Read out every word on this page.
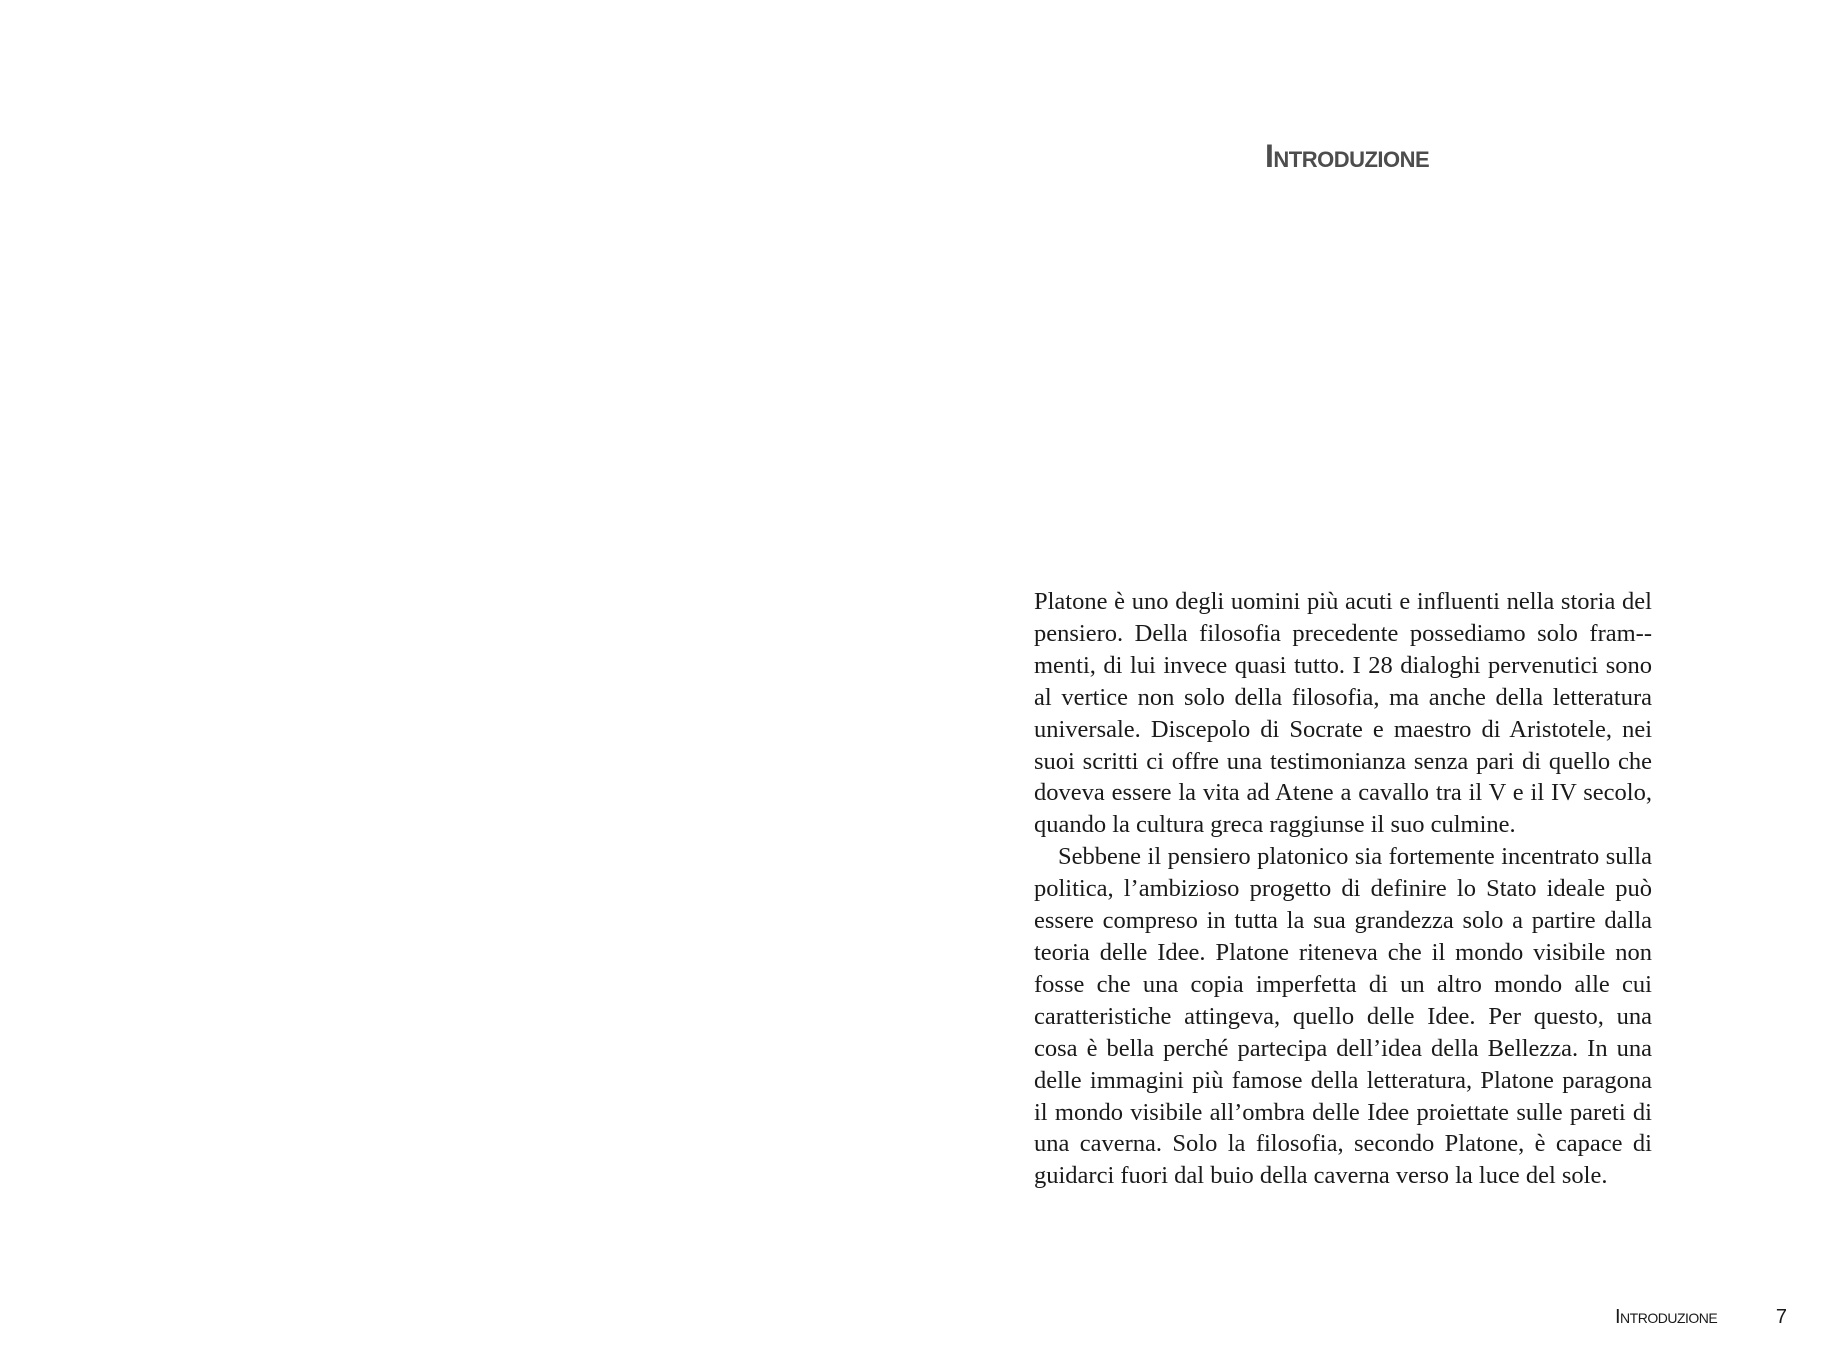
Introduzione

Platone è uno degli uomini più acuti e influenti nella storia del pensiero. Della filosofia precedente possediamo solo fram-menti, di lui invece quasi tutto. I 28 dialoghi pervenutici sono al vertice non solo della filosofia, ma anche della letteratura universale. Discepolo di Socrate e maestro di Aristotele, nei suoi scritti ci offre una testimonianza senza pari di quello che doveva essere la vita ad Atene a cavallo tra il V e il IV secolo, quando la cultura greca raggiunse il suo culmine.

Sebbene il pensiero platonico sia fortemente incentrato sulla politica, l’ambizioso progetto di definire lo Stato ideale può essere compreso in tutta la sua grandezza solo a partire dalla teoria delle Idee. Platone riteneva che il mondo visibile non fosse che una copia imperfetta di un altro mondo alle cui caratteristiche attingeva, quello delle Idee. Per questo, una cosa è bella perché partecipa dell’idea della Bellezza. In una delle immagini più famose della letteratura, Platone paragona il mondo visibile all’ombra delle Idee proiettate sulle pareti di una caverna. Solo la filosofia, secondo Platone, è capace di guidarci fuori dal buio della caverna verso la luce del sole.

Introduzione	7
